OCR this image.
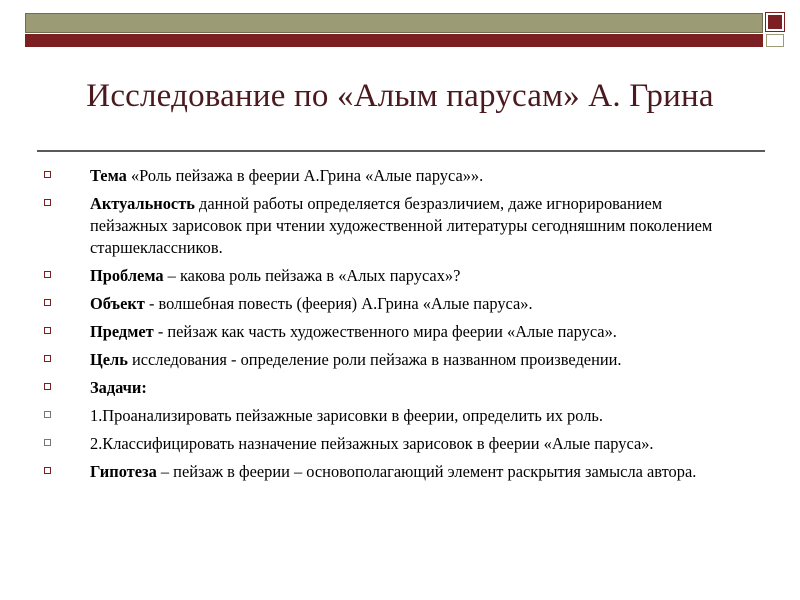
Исследование по «Алым парусам» А. Грина
Тема «Роль пейзажа в феерии А.Грина «Алые паруса»».
Актуальность данной работы определяется безразличием, даже игнорированием пейзажных зарисовок при чтении художественной литературы сегодняшним поколением старшеклассников.
Проблема – какова роль пейзажа в «Алых парусах»?
Объект - волшебная повесть (феерия) А.Грина «Алые паруса».
Предмет - пейзаж как часть художественного мира феерии «Алые паруса».
Цель исследования - определение роли пейзажа в названном произведении.
Задачи:
1.Проанализировать пейзажные зарисовки в феерии, определить их роль.
2.Классифицировать назначение пейзажных зарисовок в феерии «Алые паруса».
Гипотеза – пейзаж в феерии – основополагающий элемент раскрытия замысла автора.
